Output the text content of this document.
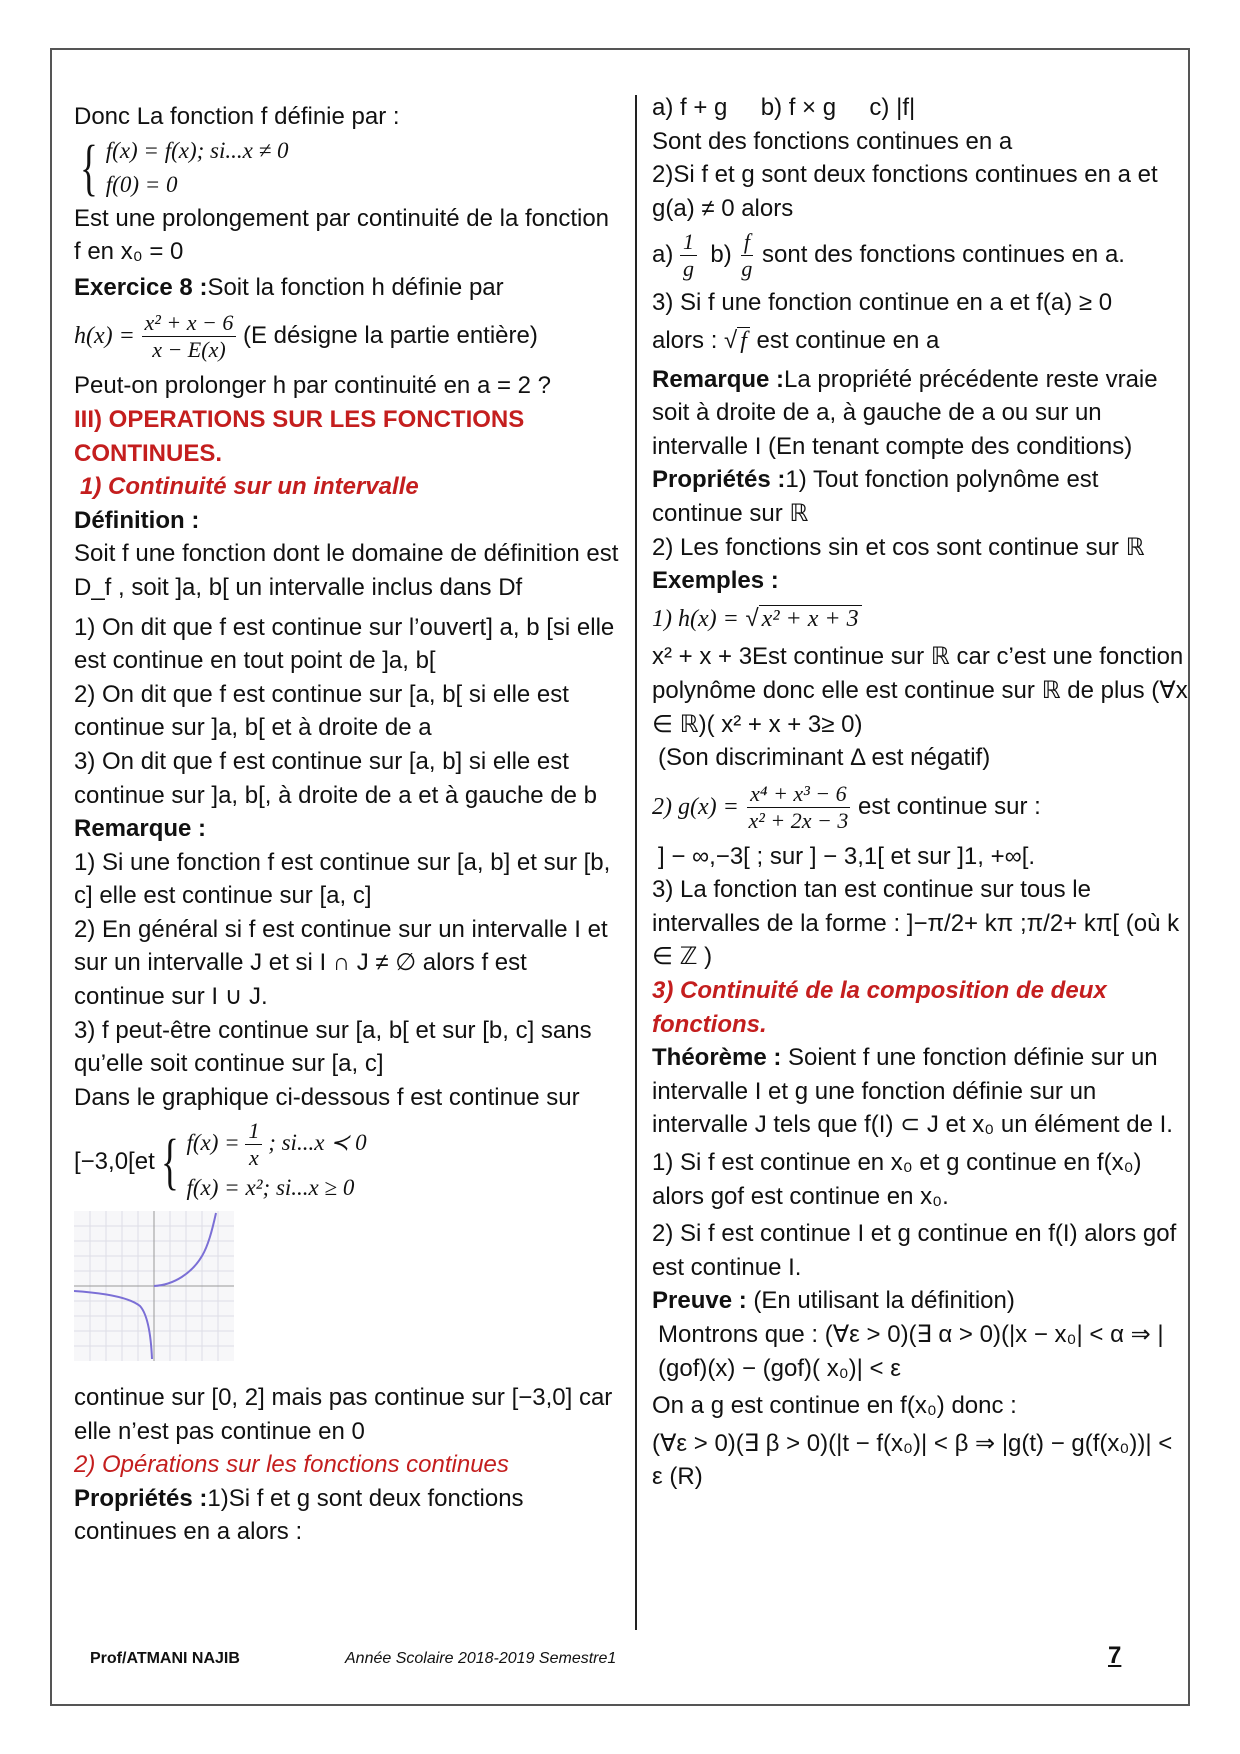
Donc La fonction f définie par :

{ f(x) = f(x); si...x ≠ 0
f(0) = 0

Est une prolongement par continuité de la fonction f en x₀ = 0

Exercice 8 :Soit la fonction h définie par

$h(x) = \frac{\text{x² + x − 6}}{x - E(x)} (E$ désigne la partie entière)

Peut-on prolonger h par continuité en a = 2 ?

III) OPERATIONS SUR LES FONCTIONS CONTINUES.

1) Continuité sur un intervalle

Définition :

Soit f une fonction dont le domaine de définition est D_f , soit ]a, b[ un intervalle inclus dans Df

1) On dit que f est continue sur l’ouvert] a, b [si elle est continue en tout point de ]a, b[

2) On dit que f est continue sur [a, b[ si elle est continue sur ]a, b[ et à droite de a

3) On dit que f est continue sur [a, b] si elle est continue sur ]a, b[, à droite de a et à gauche de b

Remarque :

1) Si une fonction f est continue sur [a, b] et sur [b, c] elle est continue sur [a, c]

2) En général si f est continue sur un intervalle I et sur un intervalle J et si I ∩ J ≠ ∅ alors f est continue sur I ∪ J.

3) f peut-être continue sur [a, b[ et sur [b, c] sans qu’elle soit continue sur [a, c]

Dans le graphique ci-dessous f est continue sur

[−3,0[et { $f(x) = \frac{1}{x}$ ; si...x ≺ 0
f(x) = x²; si...x ≥ 0

continue sur [0, 2] mais pas continue sur [−3,0] car elle n’est pas continue en 0

2) Opérations sur les fonctions continues

Propriétés :1)Si f et g sont deux fonctions continues en a alors :

a) f + g     b) f × g     c) |f|

Sont des fonctions continues en a

2)Si f et g sont deux fonctions continues en a et g(a) ≠ 0 alors

$a) \frac{1}{g} b) \frac{f}{g}$ sont des fonctions continues en a.

3) Si f une fonction continue en a et f(a) ≥ 0

alors : √ f est continue en a

Remarque :La propriété précédente reste vraie soit à droite de a, à gauche de a ou sur un intervalle I (En tenant compte des conditions)

Propriétés :1) Tout fonction polynôme est continue sur ℝ

2) Les fonctions sin et cos sont continue sur ℝ

Exemples :

1) h(x) = √ x² + x + 3

x² + x + 3Est continue sur ℝ car c’est une fonction polynôme donc elle est continue sur ℝ de plus (∀x ∈ ℝ)( x² + x + 3≥ 0)

(Son discriminant Δ est négatif)

2) $g(x) = \frac{\text{x⁴ + x³ − 6}}{\text{x² + 2x − 3}}$ est continue sur :

] − ∞,−3[ ; sur ] − 3,1[ et sur ]1, +∞[.

3) La fonction tan est continue sur tous le intervalles de la forme : ]−π/2+ kπ ;π/2+ kπ[ (où k ∈ ℤ )

3) Continuité de la composition de deux fonctions.

Théorème : Soient f une fonction définie sur un intervalle I et g une fonction définie sur un intervalle J tels que f(I) ⊂ J et x₀ un élément de I.

1) Si f est continue en x₀ et g continue en f(x₀) alors gof est continue en x₀.

2) Si f est continue I et g continue en f(I) alors gof est continue I.

Preuve : (En utilisant la définition)

Montrons que : (∀ε > 0)(∃ α > 0)(|x − x₀| < α ⇒ |(gof)(x) − (gof)( x₀)| < ε

On a g est continue en f(x₀) donc :

(∀ε > 0)(∃ β > 0)(|t − f(x₀)| < β ⇒ |g(t) − g(f(x₀))| < ε (R)

Prof/ATMANI NAJIB	Année Scolaire 2018-2019 Semestre1	7
